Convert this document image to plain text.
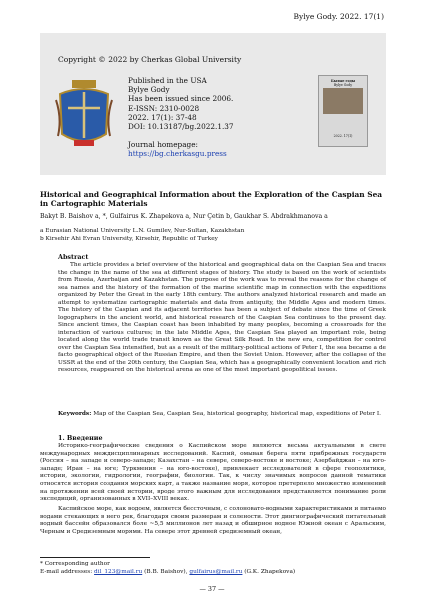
Bylye Gody. 2022. 17(1)
Copyright © 2022 by Cherkas Global University
Published in the USA
Bylye Gody
Has been issued since 2006.
E-ISSN: 2310-0028
2022. 17(1): 37-48
DOI: 10.13187/bg.2022.1.37
Journal homepage:
https://bg.cherkasgu.press
Былые годы
Bylye Gody
2022. 17(1)
Historical and Geographical Information about the Exploration of the Caspian Sea in Cartographic Materials
Bakyt B. Baishov a, *, Gulfairus K. Zhapekova a, Nur Çetin b, Gaukhar S. Abdrakhmanova a
a Eurasian National University L.N. Gumilev, Nur-Sultan, Kazakhstan
b Kirsehir Ahi Evran University, Kirsehir, Republic of Turkey
Abstract
The article provides a brief overview of the historical and geographical data on the Caspian Sea and traces the change in the name of the sea at different stages of history. The study is based on the work of scientists from Russia, Azerbaijan and Kazakhstan. The purpose of the work was to reveal the reasons for the change of sea names and the history of the formation of the marine scientific map in connection with the expeditions organized by Peter the Great in the early 18th century. The authors analyzed historical research and made an attempt to systematize cartographic materials and data from antiquity, the Middle Ages and modern times. The history of the Caspian and its adjacent territories has been a subject of debate since the time of Greek logographers in the ancient world, and historical research of the Caspian Sea continues to the present day. Since ancient times, the Caspian coast has been inhabited by many peoples, becoming a crossroads for the interaction of various cultures; in the late Middle Ages, the Caspian Sea played an important role, being located along the world trade transit known as the Great Silk Road. In the new era, competition for control over the Caspian Sea intensified, but as a result of the military-political actions of Peter I, the sea became a de facto geographical object of the Russian Empire, and then the Soviet Union. However, after the collapse of the USSR at the end of the 20th century, the Caspian Sea, which has a geographically convenient location and rich resources, reappeared on the historical arena as one of the most important geopolitical issues.
Keywords: Map of the Caspian Sea, Caspian Sea, historical geography, historical map, expeditions of Peter I.
1. Введение
Историко-географические сведения о Каспийском море являются весьма актуальными в свете международных междисциплинарных исследований. Каспий, омывая берега пяти прибрежных государств (Россия – на западе и северо-западе; Казахстан – на севере, северо-востоке и востоке; Азербайджан – на юго-западе; Иран – на юге; Туркмения – на юго-востоке), привлекает исследователей в сфере геополитики, истории, экологии, гидрологии, географии, биологии. Так, к числу значимых вопросов данной тематики относятся история создания морских карт, а также название моря, которое претерпело множество изменений на протяжении всей своей истории, вроде этого важным для исследования представляется понимание роли экспедиций, организованных в XVII–XVIII веках.
Каспийское море, как водоем, является бессточным, с солоновато-водными характеристиками и питаемо водами стекающих в него рек, благодаря своим размерам и солености. Этот дингиографический питательный водный бассейн образовался боле ~5,5 миллионов лет назад и обширное водное Южной океан с Аральским, Черным и Средиземным морями. На севере этот древней средиземный океан,
* Corresponding author
E-mail addresses: dil_123@mail.ru (B.B. Baishov), gulfairus@mail.ru (G.K. Zhapekova)
— 37 —
